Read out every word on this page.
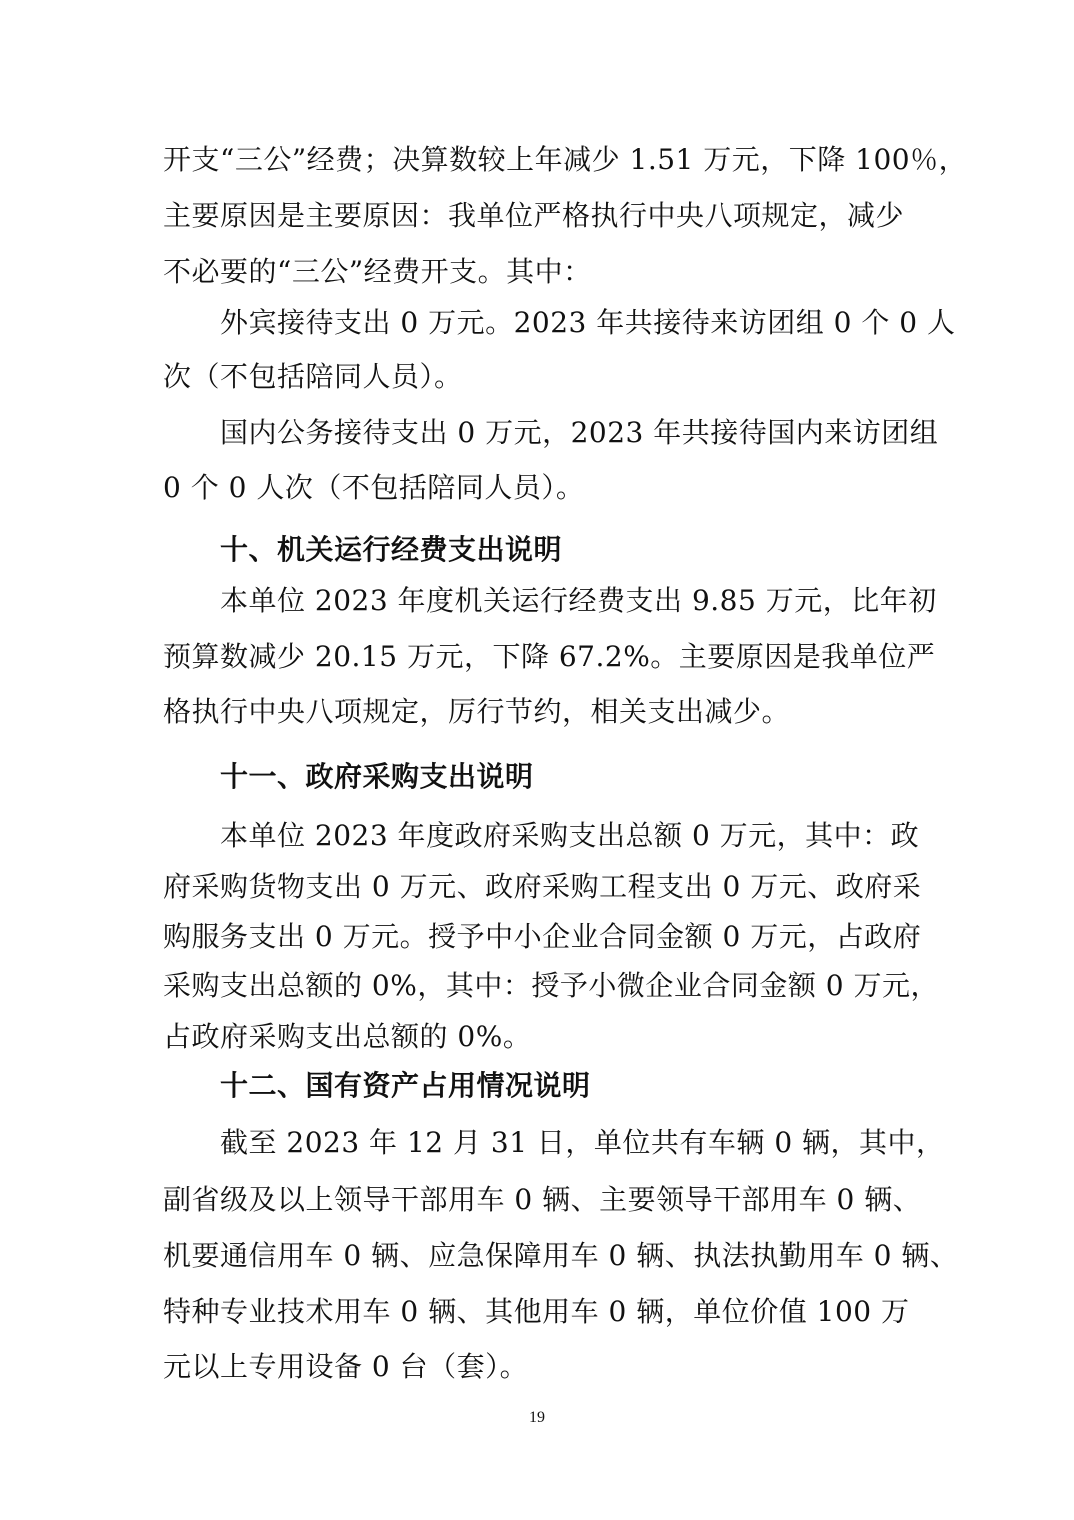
开支“三公”经费；决算数较上年减少 1.51 万元，下降 100％，
主要原因是主要原因：我单位严格执行中央八项规定，减少
不必要的“三公”经费开支。其中：
外宾接待支出 0 万元。2023 年共接待来访团组 0 个 0 人
次（不包括陪同人员）。
国内公务接待支出 0 万元，2023 年共接待国内来访团组
0 个 0 人次（不包括陪同人员）。
十、机关运行经费支出说明
本单位 2023 年度机关运行经费支出 9.85 万元，比年初
预算数减少 20.15 万元，下降 67.2%。主要原因是我单位严
格执行中央八项规定，厉行节约，相关支出减少。
十一、政府采购支出说明
本单位 2023 年度政府采购支出总额 0 万元，其中：政
府采购货物支出 0 万元、政府采购工程支出 0 万元、政府采
购服务支出 0 万元。授予中小企业合同金额 0 万元，占政府
采购支出总额的 0%，其中：授予小微企业合同金额 0 万元，
占政府采购支出总额的 0%。
十二、国有资产占用情况说明
截至 2023 年 12 月 31 日，单位共有车辆 0 辆，其中，
副省级及以上领导干部用车 0 辆、主要领导干部用车 0 辆、
机要通信用车 0 辆、应急保障用车 0 辆、执法执勤用车 0 辆、
特种专业技术用车 0 辆、其他用车 0 辆，单位价值 100 万
元以上专用设备 0 台（套）。
19
